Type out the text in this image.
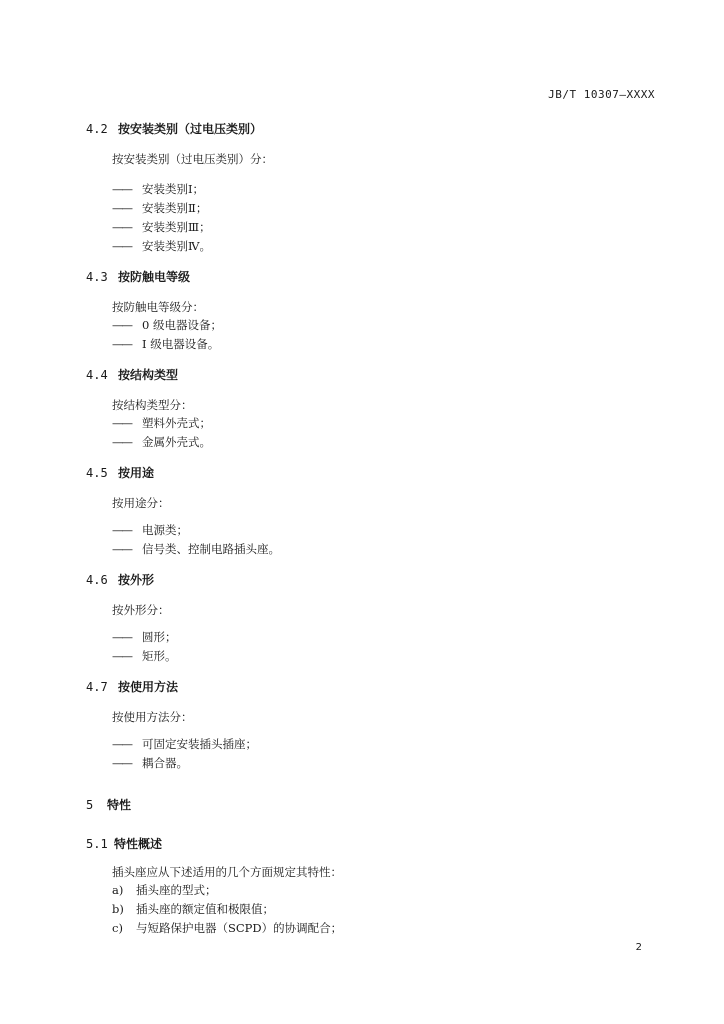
JB/T 10307—XXXX
4.2 按安装类别（过电压类别）

按安装类别（过电压类别）分：

—— 安装类别Ⅰ；
—— 安装类别Ⅱ；
—— 安装类别Ⅲ；
—— 安装类别Ⅳ。
4.3 按防触电等级

按防触电等级分：

—— 0 级电器设备；
—— I 级电器设备。
4.4 按结构类型

按结构类型分：

—— 塑料外壳式；
—— 金属外壳式。
4.5 按用途

按用途分：

—— 电源类；
—— 信号类、控制电路插头座。
4.6 按外形

按外形分：

—— 圆形；
—— 矩形。
4.7 按使用方法

按使用方法分：

—— 可固定安装插头插座；
—— 耦合器。
5 特性
5.1 特性概述

插头座应从下述适用的几个方面规定其特性：

a) 插头座的型式；
b) 插头座的额定值和极限值；
c) 与短路保护电器（SCPD）的协调配合；
2
